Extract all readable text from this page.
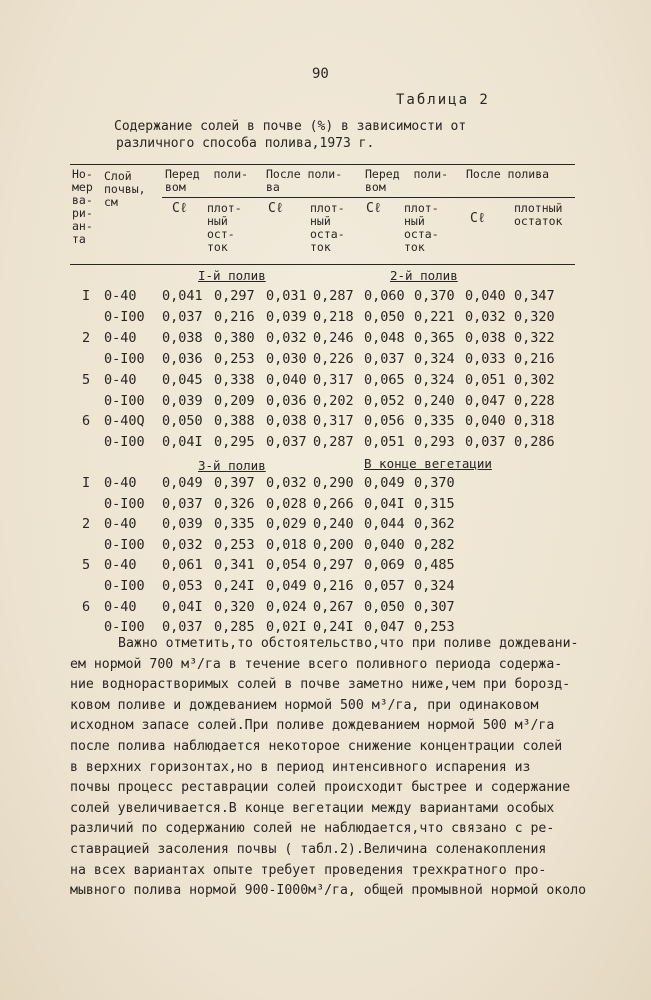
90
Таблица 2
Содержание солей в почве (%) в зависимости от
различного способа полива,1973 г.
Но-
мер
ва-
ри-
ан-
та
Слой
почвы,
см
Перед  поли-
вом
После поли-
ва
Перед  поли-
вом
После полива
Cℓ плот-
ный
ост-
ток
Cℓ плот-
ный
оста-
ток
Cℓ плот-
ный
оста-
ток
Cℓ
плотный
остаток
I-й полив	2-й полив
I 0-40 0,041 0,297 0,031 0,287 0,060 0,370 0,040 0,347
0-I00 0,037 0,216 0,039 0,218 0,050 0,221 0,032 0,320
2 0-40 0,038 0,380 0,032 0,246 0,048 0,365 0,038 0,322
0-I00 0,036 0,253 0,030 0,226 0,037 0,324 0,033 0,216
5 0-40 0,045 0,338 0,040 0,317 0,065 0,324 0,051 0,302
0-I00 0,039 0,209 0,036 0,202 0,052 0,240 0,047 0,228
6 0-40Q 0,050 0,388 0,038 0,317 0,056 0,335 0,040 0,318
0-I00 0,04I 0,295 0,037 0,287 0,051 0,293 0,037 0,286
3-й полив	В конце вегетации
I 0-40 0,049 0,397 0,032 0,290 0,049 0,370
0-I00 0,037 0,326 0,028 0,266 0,04I 0,315
2 0-40 0,039 0,335 0,029 0,240 0,044 0,362
0-I00 0,032 0,253 0,018 0,200 0,040 0,282
5 0-40 0,061 0,341 0,054 0,297 0,069 0,485
0-I00 0,053 0,24I 0,049 0,216 0,057 0,324
6 0-40 0,04I 0,320 0,024 0,267 0,050 0,307
0-I00 0,037 0,285 0,02I 0,24I 0,047 0,253

Важно отметить,то обстоятельство,что при поливе дождевани-

ем нормой 700 м³/га в течение всего поливного периода содержа-

ние воднорастворимых солей в почве заметно ниже,чем при борозд-

ковом поливе и дождеванием нормой 500 м³/га, при одинаковом

исходном запасе солей.При поливе дождеванием нормой 500 м³/га

после полива наблюдается некоторое снижение концентрации солей

в верхних горизонтах,но в период интенсивного испарения из

почвы процесс реставрации солей происходит быстрее и содержание

солей увеличивается.В конце вегетации между вариантами особых

различий по содержанию солей не наблюдается,что связано с ре-

ставрацией засоления почвы ( табл.2).Величина соленакопления

на всех вариантах опыте требует проведения трехкратного про-

мывного полива нормой 900-I000м³/га, общей промывной нормой около
